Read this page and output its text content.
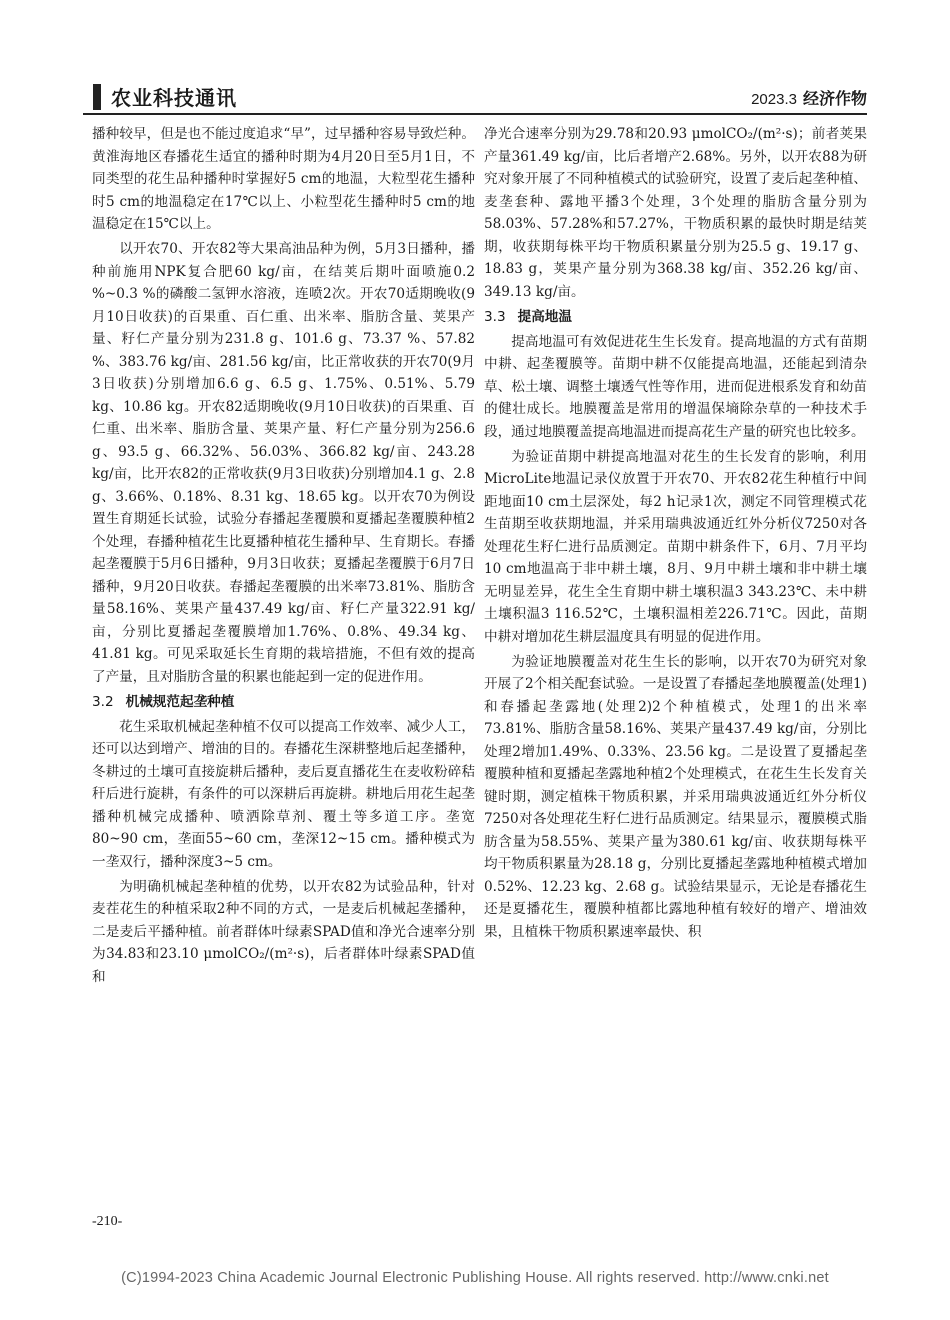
农业科技通讯	2023.3 经济作物

播种较早，但是也不能过度追求“早”，过早播种容易导致烂种。黄淮海地区春播花生适宜的播种时期为4月20日至5月1日，不同类型的花生品种播种时掌握好5 cm的地温，大粒型花生播种时5 cm的地温稳定在17℃以上、小粒型花生播种时5 cm的地温稳定在15℃以上。

以开农70、开农82等大果高油品种为例，5月3日播种，播种前施用NPK复合肥60 kg/亩，在结荚后期叶面喷施0.2 %~0.3 %的磷酸二氢钾水溶液，连喷2次。开农70适期晚收(9月10日收获)的百果重、百仁重、出米率、脂肪含量、荚果产量、籽仁产量分别为231.8 g、101.6 g、73.37 %、57.82 %、383.76 kg/亩、281.56 kg/亩，比正常收获的开农70(9月3日收获)分别增加6.6 g、6.5 g、1.75%、0.51%、5.79 kg、10.86 kg。开农82适期晚收(9月10日收获)的百果重、百仁重、出米率、脂肪含量、荚果产量、籽仁产量分别为256.6 g、93.5 g、66.32%、56.03%、366.82 kg/亩、243.28 kg/亩，比开农82的正常收获(9月3日收获)分别增加4.1 g、2.8 g、3.66%、0.18%、8.31 kg、18.65 kg。以开农70为例设置生育期延长试验，试验分春播起垄覆膜和夏播起垄覆膜种植2个处理，春播种植花生比夏播种植花生播种早、生育期长。春播起垄覆膜于5月6日播种，9月3日收获；夏播起垄覆膜于6月7日播种，9月20日收获。春播起垄覆膜的出米率73.81%、脂肪含量58.16%、荚果产量437.49 kg/亩、籽仁产量322.91 kg/亩，分别比夏播起垄覆膜增加1.76%、0.8%、49.34 kg、41.81 kg。可见采取延长生育期的栽培措施，不但有效的提高了产量，且对脂肪含量的积累也能起到一定的促进作用。

3.2 机械规范起垄种植

花生采取机械起垄种植不仅可以提高工作效率、减少人工，还可以达到增产、增油的目的。春播花生深耕整地后起垄播种，冬耕过的土壤可直接旋耕后播种，麦后夏直播花生在麦收粉碎秸秆后进行旋耕，有条件的可以深耕后再旋耕。耕地后用花生起垄播种机械完成播种、喷洒除草剂、覆土等多道工序。垄宽80~90 cm，垄面55~60 cm，垄深12~15 cm。播种模式为一垄双行，播种深度3~5 cm。

为明确机械起垄种植的优势，以开农82为试验品种，针对麦茬花生的种植采取2种不同的方式，一是麦后机械起垄播种，二是麦后平播种植。前者群体叶绿素SPAD值和净光合速率分别为34.83和23.10 μmolCO₂/(m²·s)，后者群体叶绿素SPAD值和

净光合速率分别为29.78和20.93 μmolCO₂/(m²·s)；前者荚果产量361.49 kg/亩，比后者增产2.68%。另外，以开农88为研究对象开展了不同种植模式的试验研究，设置了麦后起垄种植、麦垄套种、露地平播3个处理，3个处理的脂肪含量分别为58.03%、57.28%和57.27%，干物质积累的最快时期是结荚期，收获期每株平均干物质积累量分别为25.5 g、19.17 g、18.83 g，荚果产量分别为368.38 kg/亩、352.26 kg/亩、349.13 kg/亩。

3.3 提高地温

提高地温可有效促进花生生长发育。提高地温的方式有苗期中耕、起垄覆膜等。苗期中耕不仅能提高地温，还能起到清杂草、松土壤、调整土壤透气性等作用，进而促进根系发育和幼苗的健壮成长。地膜覆盖是常用的增温保墒除杂草的一种技术手段，通过地膜覆盖提高地温进而提高花生产量的研究也比较多。

为验证苗期中耕提高地温对花生的生长发育的影响，利用MicroLite地温记录仪放置于开农70、开农82花生种植行中间距地面10 cm土层深处，每2 h记录1次，测定不同管理模式花生苗期至收获期地温，并采用瑞典波通近红外分析仪7250对各处理花生籽仁进行品质测定。苗期中耕条件下，6月、7月平均10 cm地温高于非中耕土壤，8月、9月中耕土壤和非中耕土壤无明显差异，花生全生育期中耕土壤积温3 343.23℃、未中耕土壤积温3 116.52℃，土壤积温相差226.71℃。因此，苗期中耕对增加花生耕层温度具有明显的促进作用。

为验证地膜覆盖对花生生长的影响，以开农70为研究对象开展了2个相关配套试验。一是设置了春播起垄地膜覆盖(处理1)和春播起垄露地(处理2)2个种植模式，处理1的出米率73.81%、脂肪含量58.16%、荚果产量437.49 kg/亩，分别比处理2增加1.49%、0.33%、23.56 kg。二是设置了夏播起垄覆膜种植和夏播起垄露地种植2个处理模式，在花生生长发育关键时期，测定植株干物质积累，并采用瑞典波通近红外分析仪7250对各处理花生籽仁进行品质测定。结果显示，覆膜模式脂肪含量为58.55%、荚果产量为380.61 kg/亩、收获期每株平均干物质积累量为28.18 g，分别比夏播起垄露地种植模式增加0.52%、12.23 kg、2.68 g。试验结果显示，无论是春播花生还是夏播花生，覆膜种植都比露地种植有较好的增产、增油效果，且植株干物质积累速率最快、积

-210-
(C)1994-2023 China Academic Journal Electronic Publishing House. All rights reserved. http://www.cnki.net
